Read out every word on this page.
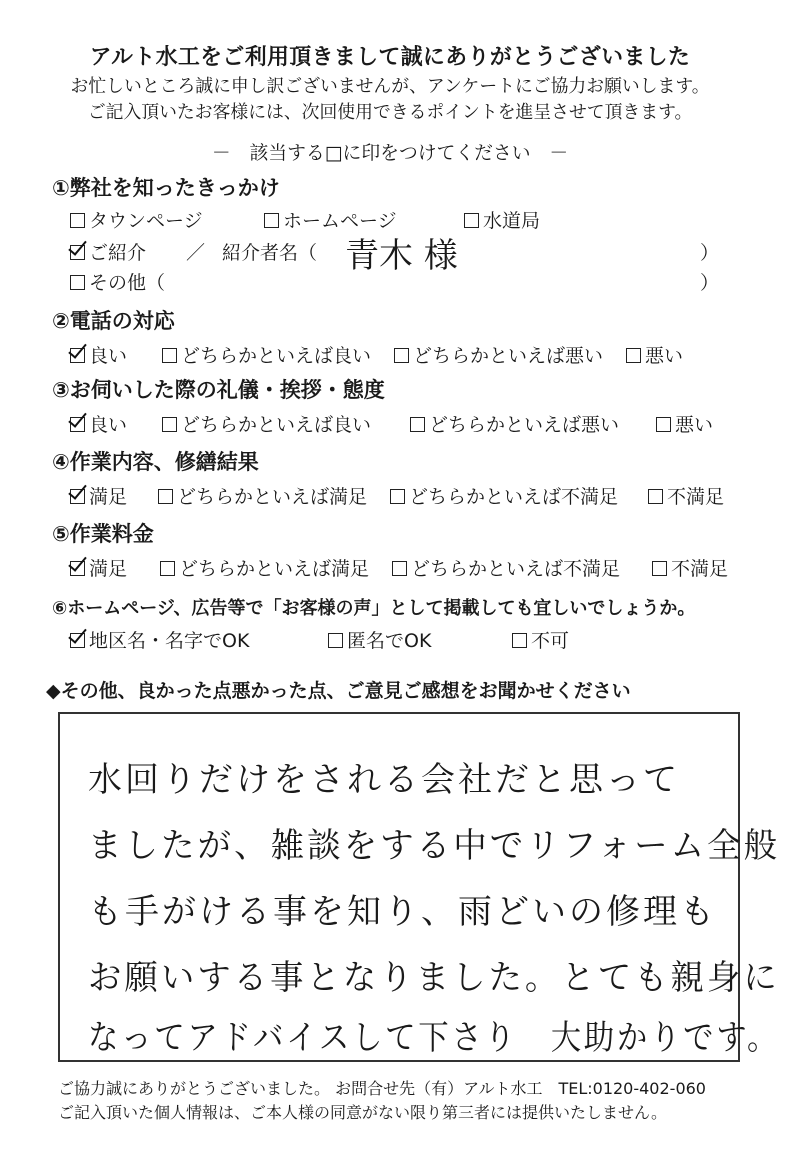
アルト水工をご利用頂きまして誠にありがとうございました
お忙しいところ誠に申し訳ございませんが、アンケートにご協力お願いします。
ご記入頂いたお客様には、次回使用できるポイントを進呈させて頂きます。
－　該当する□に印をつけてください　－
①弊社を知ったきっかけ
タウンページ	ホームページ	水道局
ご紹介 ／ 紹介者名（ 青木 様	）
その他（	）
②電話の対応
良い	どちらかといえば良い	どちらかといえば悪い	悪い
③お伺いした際の礼儀・挨拶・態度
良い	どちらかといえば良い	どちらかといえば悪い	悪い
④作業内容、修繕結果
満足	どちらかといえば満足	どちらかといえば不満足	不満足
⑤作業料金
満足	どちらかといえば満足	どちらかといえば不満足	不満足
⑥ホームページ、広告等で「お客様の声」として掲載しても宜しいでしょうか。
地区名・名字でOK	匿名でOK	不可
◆その他、良かった点悪かった点、ご意見ご感想をお聞かせください
水回りだけをされる会社だと思って
ましたが、雑談をする中でリフォーム全般
も手がける事を知り、雨どいの修理も
お願いする事となりました。とても親身に
なってアドバイスして下さり　大助かりです。
ご協力誠にありがとうございました。 お問合せ先（有）アルト水工　TEL:0120-402-060
ご記入頂いた個人情報は、ご本人様の同意がない限り第三者には提供いたしません。
